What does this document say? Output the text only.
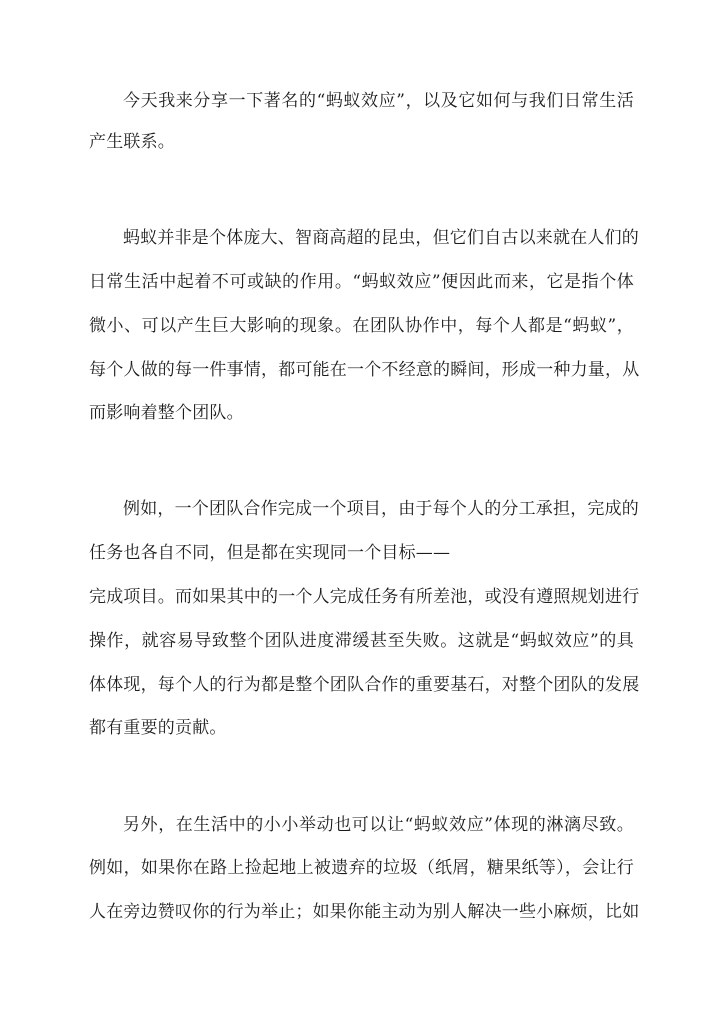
今天我来分享一下著名的“蚂蚁效应”，以及它如何与我们日常生活
产生联系。
蚂蚁并非是个体庞大、智商高超的昆虫，但它们自古以来就在人们的
日常生活中起着不可或缺的作用。“蚂蚁效应”便因此而来，它是指个体
微小、可以产生巨大影响的现象。在团队协作中，每个人都是“蚂蚁”，
每个人做的每一件事情，都可能在一个不经意的瞬间，形成一种力量，从
而影响着整个团队。
例如，一个团队合作完成一个项目，由于每个人的分工承担，完成的
任务也各自不同，但是都在实现同一个目标——
完成项目。而如果其中的一个人完成任务有所差池，或没有遵照规划进行
操作，就容易导致整个团队进度滞缓甚至失败。这就是“蚂蚁效应”的具
体体现，每个人的行为都是整个团队合作的重要基石，对整个团队的发展
都有重要的贡献。
另外，在生活中的小小举动也可以让“蚂蚁效应”体现的淋漓尽致。
例如，如果你在路上捡起地上被遗弃的垃圾（纸屑，糖果纸等），会让行
人在旁边赞叹你的行为举止；如果你能主动为别人解决一些小麻烦，比如
